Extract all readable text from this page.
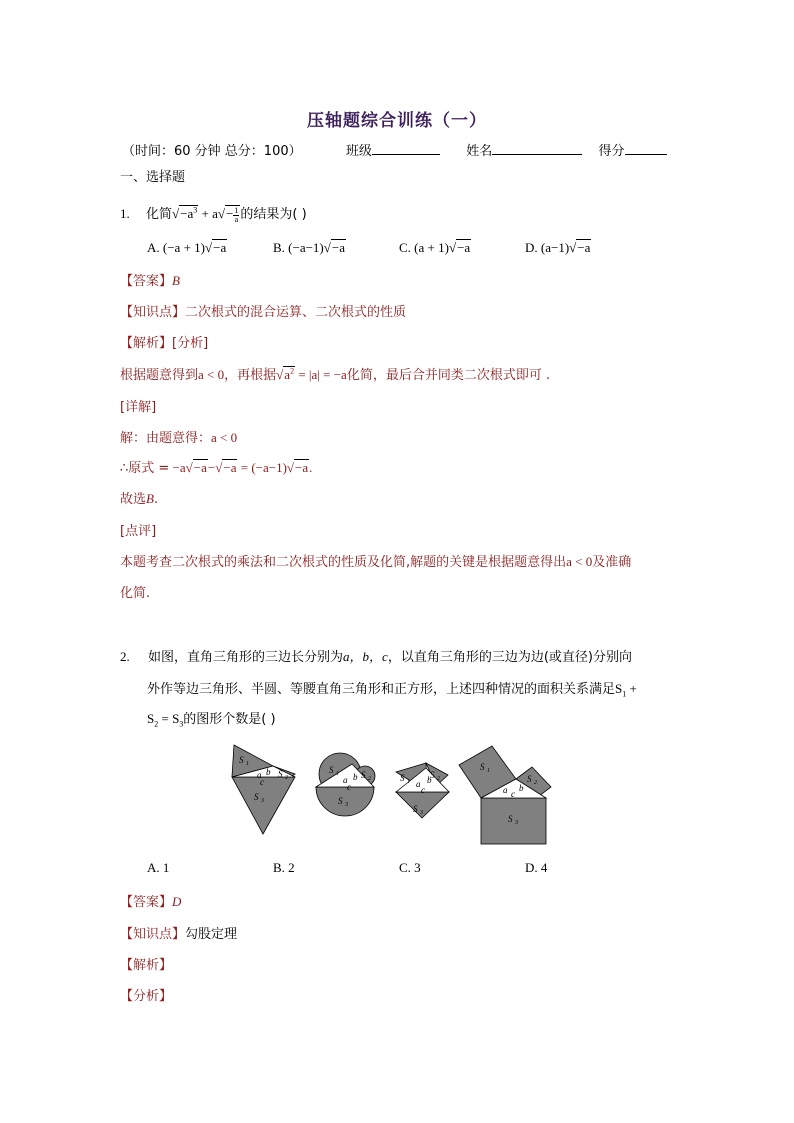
压轴题综合训练（一）
（时间：60 分钟 总分：100）	班级	姓名	得分
一、选择题
1. 化简$√-a^3 + a√- \frac{1}{a}$ 的结果为( )
A. (−a + 1)√−a	B. (−a−1)√−a	C. (a + 1)√−a	D. (a−1)√−a
【答案】B
【知识点】二次根式的混合运算、二次根式的性质
【解析】[分析]
根据题意得到a < 0，再根据$√a^2 = |a| = -a$化简，最后合并同类二次根式即可 .
[详解]
解：由题意得：a < 0
∴原式 = −a√−a−√−a = (−a−1)√−a.
故选B.
[点评]
本题考查二次根式的乘法和二次根式的性质及化简,解题的关键是根据题意得出a < 0及准确
化简.
2. 如图，直角三角形的三边长分别为a，b，c，以直角三角形的三边为边(或直径)分别向
外作等边三角形、半圆、等腰直角三角形和正方形，上述四种情况的面积关系满足$S_1$ +
$S_2 = S_3$的图形个数是( )
S 1
S 2
S 3
a b
c
S 1 S 2
S 3
a b
c
S 1
S 2
S 3
a b
c
S 1
S 2
S 3
a b
c
A. 1	B. 2	C. 3	D. 4
【答案】D
【知识点】勾股定理
【解析】
【分析】
